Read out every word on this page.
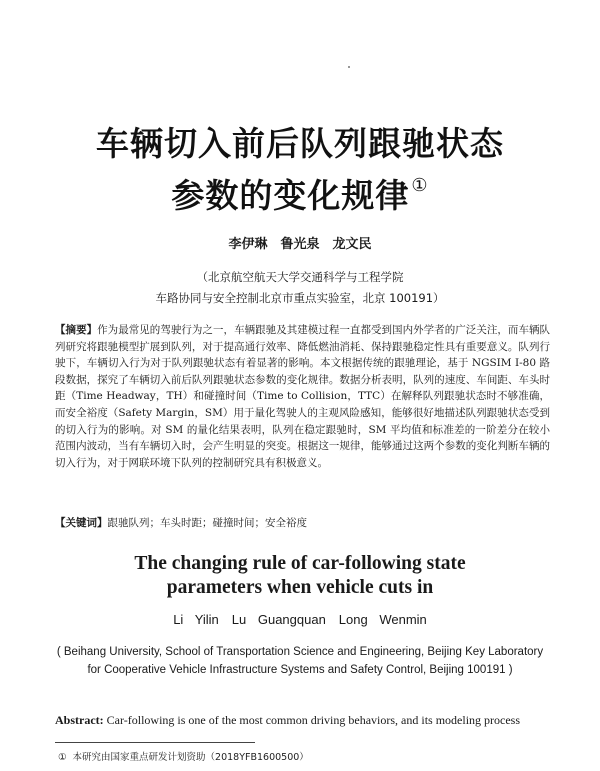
车辆切入前后队列跟驰状态
参数的变化规律 ①
李伊琳　鲁光泉　龙文民
（北京航空航天大学交通科学与工程学院
车路协同与安全控制北京市重点实验室，北京 100191）
【摘要】作为最常见的驾驶行为之一，车辆跟驰及其建模过程一直都受到国内外学者的广泛关注，而车辆队列研究将跟驰模型扩展到队列，对于提高通行效率、降低燃油消耗、保持跟驰稳定性具有重要意义。队列行驶下，车辆切入行为对于队列跟驰状态有着显著的影响。本文根据传统的跟驰理论，基于 NGSIM I-80 路段数据，探究了车辆切入前后队列跟驰状态参数的变化规律。数据分析表明，队列的速度、车间距、车头时距（Time Headway，TH）和碰撞时间（Time to Collision，TTC）在解释队列跟驰状态时不够准确，而安全裕度（Safety Margin，SM）用于量化驾驶人的主观风险感知，能够很好地描述队列跟驰状态受到的切入行为的影响。对 SM 的量化结果表明，队列在稳定跟驰时，SM 平均值和标准差的一阶差分在较小范围内波动，当有车辆切入时，会产生明显的突变。根据这一规律，能够通过这两个参数的变化判断车辆的切入行为，对于网联环境下队列的控制研究具有积极意义。
【关键词】跟驰队列；车头时距；碰撞时间；安全裕度
The changing rule of car-following state
parameters when vehicle cuts in
Li Yilin　Lu Guangquan　Long Wenmin
( Beihang University, School of Transportation Science and Engineering, Beijing Key Laboratory for Cooperative Vehicle Infrastructure Systems and Safety Control, Beijing 100191 )
Abstract: Car-following is one of the most common driving behaviors, and its modeling process
① 本研究由国家重点研发计划资助（2018YFB1600500）
